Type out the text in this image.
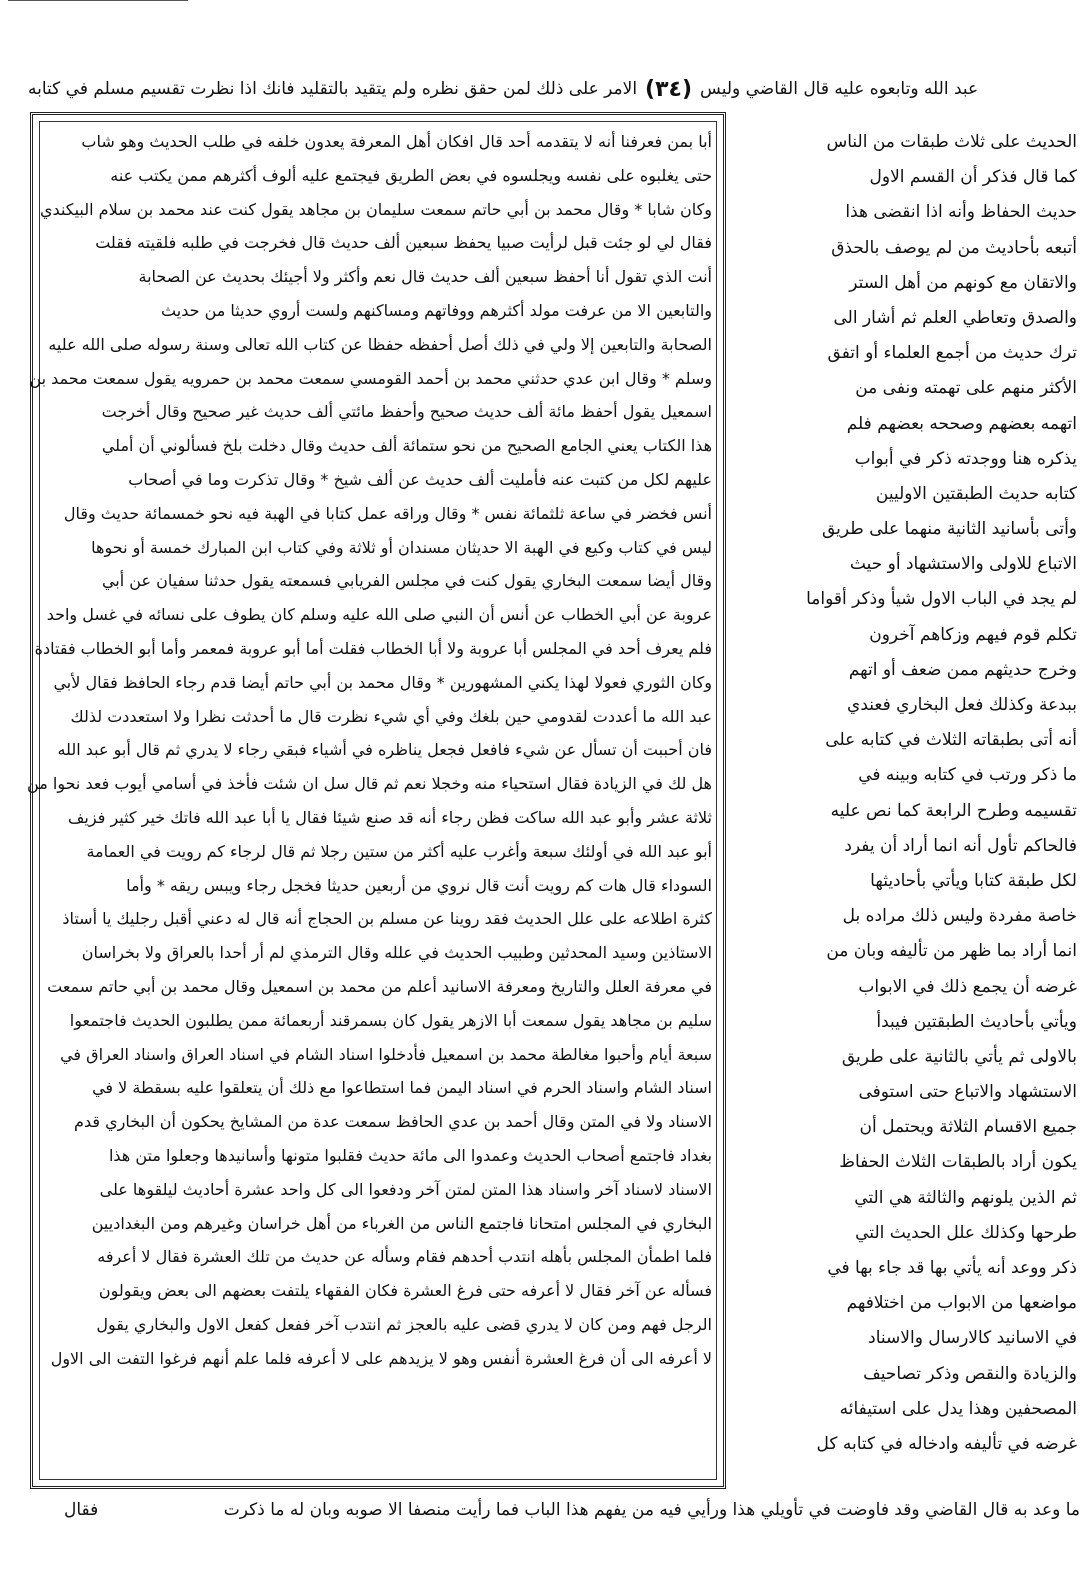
عبد الله وتابعوه عليه قال القاضي وليس
(٣٤)
الامر على ذلك لمن حقق نظره ولم يتقيد بالتقليد فانك اذا نظرت تقسيم مسلم في كتابه
أبا بمن فعرفنا أنه لا يتقدمه أحد قال افكان أهل المعرفة يعدون خلفه في طلب الحديث وهو شاب
حتى يغلبوه على نفسه ويجلسوه في بعض الطريق فيجتمع عليه ألوف أكثرهم ممن يكتب عنه
وكان شابا * وقال محمد بن أبي حاتم سمعت سليمان بن مجاهد يقول كنت عند محمد بن سلام البيكندي
فقال لي لو جئت قبل لرأيت صبيا يحفظ سبعين ألف حديث قال فخرجت في طلبه فلقيته فقلت
أنت الذي تقول أنا أحفظ سبعين ألف حديث قال نعم وأكثر ولا أجيئك بحديث عن الصحابة
والتابعين الا من عرفت مولد أكثرهم ووفاتهم ومساكنهم ولست أروي حديثا من حديث
الصحابة والتابعين إلا ولي في ذلك أصل أحفظه حفظا عن كتاب الله تعالى وسنة رسوله صلى الله عليه
وسلم * وقال ابن عدي حدثني محمد بن أحمد القومسي سمعت محمد بن حمرويه يقول سمعت محمد بن
اسمعيل يقول أحفظ مائة ألف حديث صحيح وأحفظ مائتي ألف حديث غير صحيح وقال أخرجت
هذا الكتاب يعني الجامع الصحيح من نحو ستمائة ألف حديث وقال دخلت بلخ فسألوني أن أملي
عليهم لكل من كتبت عنه فأمليت ألف حديث عن ألف شيخ * وقال تذكرت وما في أصحاب
أنس فخضر في ساعة ثلثمائة نفس * وقال وراقه عمل كتابا في الهبة فيه نحو خمسمائة حديث وقال
ليس في كتاب وكيع في الهبة الا حديثان مسندان أو ثلاثة وفي كتاب ابن المبارك خمسة أو نحوها
وقال أيضا سمعت البخاري يقول كنت في مجلس الفريابي فسمعته يقول حدثنا سفيان عن أبي
عروبة عن أبي الخطاب عن أنس أن النبي صلى الله عليه وسلم كان يطوف على نسائه في غسل واحد
فلم يعرف أحد في المجلس أبا عروبة ولا أبا الخطاب فقلت أما أبو عروبة فمعمر وأما أبو الخطاب فقتادة
وكان الثوري فعولا لهذا يكني المشهورين * وقال محمد بن أبي حاتم أيضا قدم رجاء الحافظ فقال لأبي
عبد الله ما أعددت لقدومي حين بلغك وفي أي شيء نظرت قال ما أحدثت نظرا ولا استعددت لذلك
فان أحببت أن تسأل عن شيء فافعل فجعل يناظره في أشياء فبقي رجاء لا يدري ثم قال أبو عبد الله
هل لك في الزيادة فقال استحياء منه وخجلا نعم ثم قال سل ان شئت فأخذ في أسامي أيوب فعد نحوا من
ثلاثة عشر وأبو عبد الله ساكت فظن رجاء أنه قد صنع شيئا فقال يا أبا عبد الله فاتك خير كثير فزيف
أبو عبد الله في أولئك سبعة وأغرب عليه أكثر من ستين رجلا ثم قال لرجاء كم رويت في العمامة
السوداء قال هات كم رويت أنت قال نروي من أربعين حديثا فخجل رجاء ويبس ريقه * وأما
كثرة اطلاعه على علل الحديث فقد روينا عن مسلم بن الحجاج أنه قال له دعني أقبل رجليك يا أستاذ
الاستاذين وسيد المحدثين وطبيب الحديث في علله وقال الترمذي لم أر أحدا بالعراق ولا بخراسان
في معرفة العلل والتاريخ ومعرفة الاسانيد أعلم من محمد بن اسمعيل وقال محمد بن أبي حاتم سمعت
سليم بن مجاهد يقول سمعت أبا الازهر يقول كان بسمرقند أربعمائة ممن يطلبون الحديث فاجتمعوا
سبعة أيام وأحبوا مغالطة محمد بن اسمعيل فأدخلوا اسناد الشام في اسناد العراق واسناد العراق في
اسناد الشام واسناد الحرم في اسناد اليمن فما استطاعوا مع ذلك أن يتعلقوا عليه بسقطة لا في
الاسناد ولا في المتن وقال أحمد بن عدي الحافظ سمعت عدة من المشايخ يحكون أن البخاري قدم
بغداد فاجتمع أصحاب الحديث وعمدوا الى مائة حديث فقلبوا متونها وأسانيدها وجعلوا متن هذا
الاسناد لاسناد آخر واسناد هذا المتن لمتن آخر ودفعوا الى كل واحد عشرة أحاديث ليلقوها على
البخاري في المجلس امتحانا فاجتمع الناس من الغرباء من أهل خراسان وغيرهم ومن البغداديين
فلما اطمأن المجلس بأهله انتدب أحدهم فقام وسأله عن حديث من تلك العشرة فقال لا أعرفه
فسأله عن آخر فقال لا أعرفه حتى فرغ العشرة فكان الفقهاء يلتفت بعضهم الى بعض ويقولون
الرجل فهم ومن كان لا يدري قضى عليه بالعجز ثم انتدب آخر ففعل كفعل الاول والبخاري يقول
لا أعرفه الى أن فرغ العشرة أنفس وهو لا يزيدهم على لا أعرفه فلما علم أنهم فرغوا التفت الى الاول
الحديث على ثلاث طبقات من الناس
كما قال فذكر أن القسم الاول
حديث الحفاظ وأنه اذا انقضى هذا
أتبعه بأحاديث من لم يوصف بالحذق
والاتقان مع كونهم من أهل الستر
والصدق وتعاطي العلم ثم أشار الى
ترك حديث من أجمع العلماء أو اتفق
الأكثر منهم على تهمته ونفى من
اتهمه بعضهم وصححه بعضهم فلم
يذكره هنا ووجدته ذكر في أبواب
كتابه حديث الطبقتين الاوليين
وأتى بأسانيد الثانية منهما على طريق
الاتباع للاولى والاستشهاد أو حيث
لم يجد في الباب الاول شيأ وذكر أقواما
تكلم قوم فيهم وزكاهم آخرون
وخرج حديثهم ممن ضعف أو اتهم
ببدعة وكذلك فعل البخاري فعندي
أنه أتى بطبقاته الثلاث في كتابه على
ما ذكر ورتب في كتابه وبينه في
تقسيمه وطرح الرابعة كما نص عليه
فالحاكم تأول أنه انما أراد أن يفرد
لكل طبقة كتابا ويأتي بأحاديثها
خاصة مفردة وليس ذلك مراده بل
انما أراد بما ظهر من تأليفه وبان من
غرضه أن يجمع ذلك في الابواب
ويأتي بأحاديث الطبقتين فيبدأ
بالاولى ثم يأتي بالثانية على طريق
الاستشهاد والاتباع حتى استوفى
جميع الاقسام الثلاثة ويحتمل أن
يكون أراد بالطبقات الثلاث الحفاظ
ثم الذين يلونهم والثالثة هي التي
طرحها وكذلك علل الحديث التي
ذكر ووعد أنه يأتي بها قد جاء بها في
مواضعها من الابواب من اختلافهم
في الاسانيد كالارسال والاسناد
والزيادة والنقص وذكر تصاحيف
المصحفين وهذا يدل على استيفائه
غرضه في تأليفه وادخاله في كتابه كل
ما وعد به قال القاضي وقد فاوضت في تأويلي هذا ورأيي فيه من يفهم هذا الباب فما رأيت منصفا الا صوبه وبان له ما ذكرت
فقال
